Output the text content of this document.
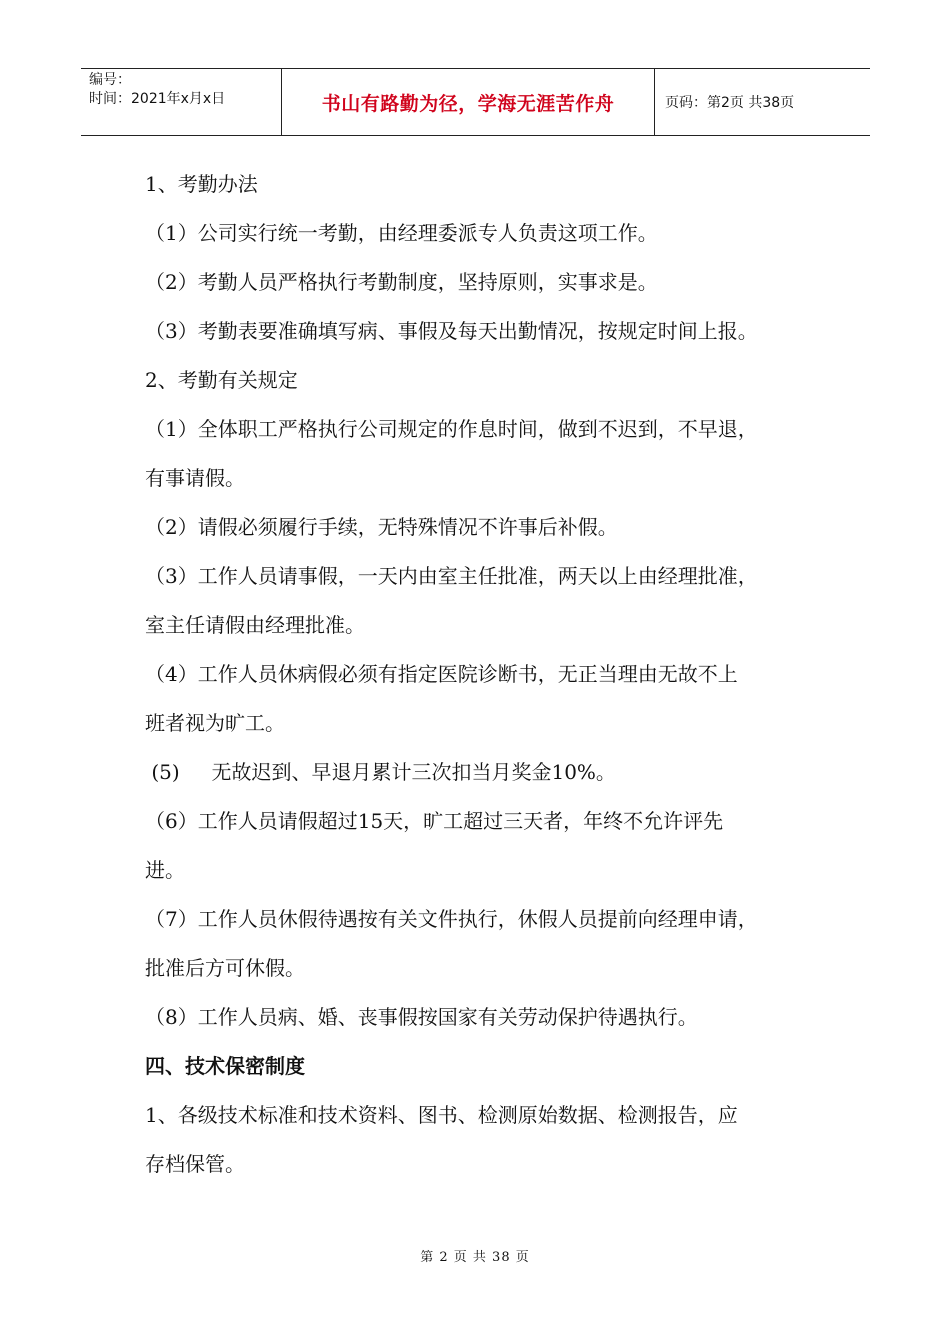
编号：
时间：2021年x月x日	书山有路勤为径，学海无涯苦作舟	页码：第2页 共38页
1、考勤办法
（1）公司实行统一考勤，由经理委派专人负责这项工作。
（2）考勤人员严格执行考勤制度，坚持原则，实事求是。
（3）考勤表要准确填写病、事假及每天出勤情况，按规定时间上报。
2、考勤有关规定
（1）全体职工严格执行公司规定的作息时间，做到不迟到，不早退，
有事请假。
（2）请假必须履行手续，无特殊情况不许事后补假。
（3）工作人员请事假，一天内由室主任批准，两天以上由经理批准，
室主任请假由经理批准。
（4）工作人员休病假必须有指定医院诊断书，无正当理由无故不上
班者视为旷工。
(5)     无故迟到、早退月累计三次扣当月奖金10%。
（6）工作人员请假超过15天，旷工超过三天者，年终不允许评先
进。
（7）工作人员休假待遇按有关文件执行，休假人员提前向经理申请，
批准后方可休假。
（8）工作人员病、婚、丧事假按国家有关劳动保护待遇执行。
四、技术保密制度
1、各级技术标准和技术资料、图书、检测原始数据、检测报告，应
存档保管。
第 2 页 共 38 页
